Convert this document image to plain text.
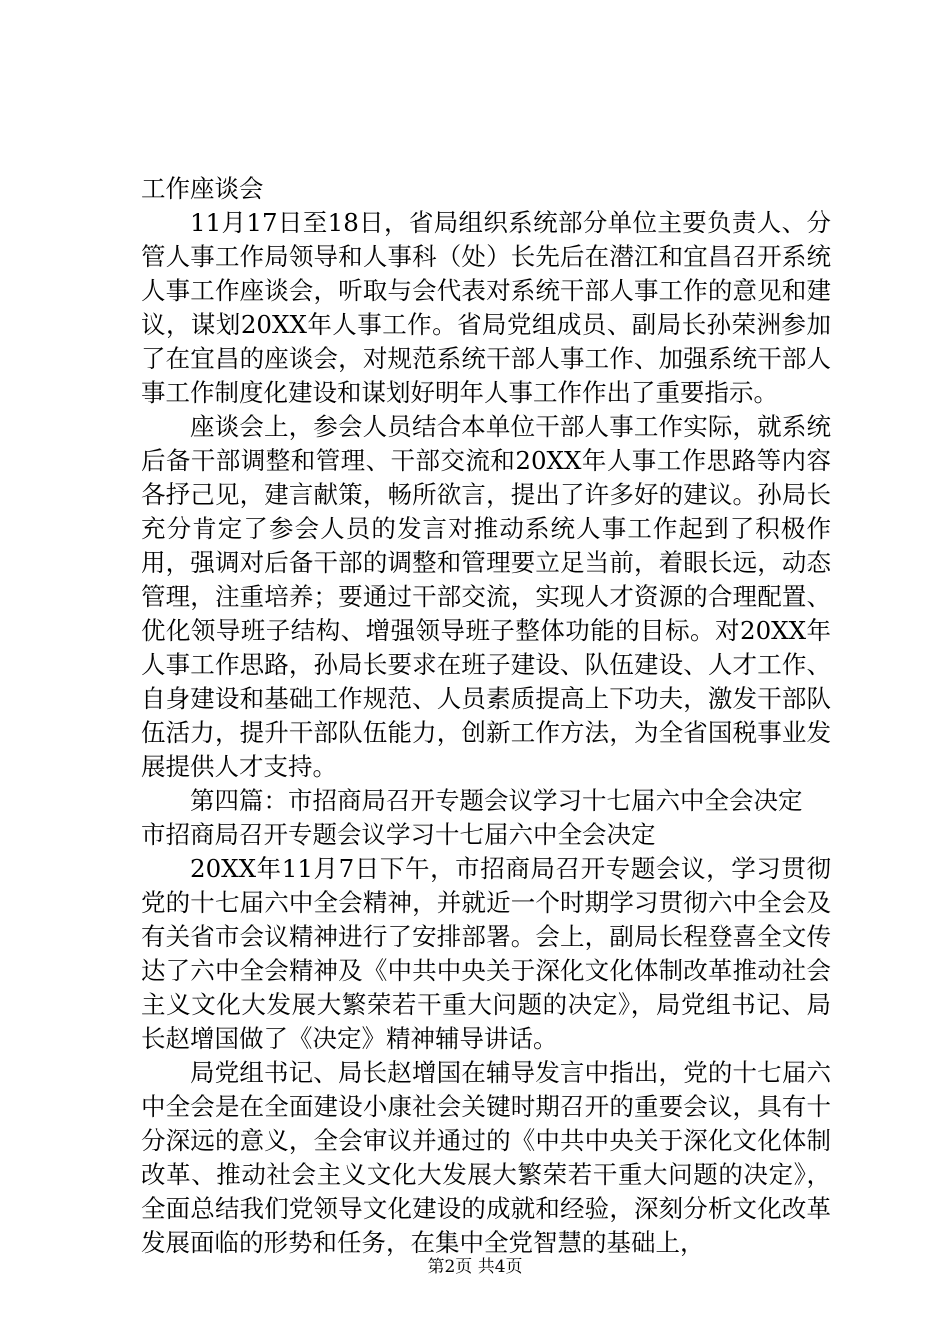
工作座谈会

11月17日至18日，省局组织系统部分单位主要负责人、分管人事工作局领导和人事科（处）长先后在潜江和宜昌召开系统人事工作座谈会，听取与会代表对系统干部人事工作的意见和建议，谋划20XX年人事工作。省局党组成员、副局长孙荣洲参加了在宜昌的座谈会，对规范系统干部人事工作、加强系统干部人事工作制度化建设和谋划好明年人事工作作出了重要指示。

座谈会上，参会人员结合本单位干部人事工作实际，就系统后备干部调整和管理、干部交流和20XX年人事工作思路等内容各抒己见，建言献策，畅所欲言，提出了许多好的建议。孙局长充分肯定了参会人员的发言对推动系统人事工作起到了积极作用，强调对后备干部的调整和管理要立足当前，着眼长远，动态管理，注重培养；要通过干部交流，实现人才资源的合理配置、优化领导班子结构、增强领导班子整体功能的目标。对20XX年人事工作思路，孙局长要求在班子建设、队伍建设、人才工作、自身建设和基础工作规范、人员素质提高上下功夫，激发干部队伍活力，提升干部队伍能力，创新工作方法，为全省国税事业发展提供人才支持。

第四篇：市招商局召开专题会议学习十七届六中全会决定

市招商局召开专题会议学习十七届六中全会决定

20XX年11月7日下午，市招商局召开专题会议，学习贯彻党的十七届六中全会精神，并就近一个时期学习贯彻六中全会及有关省市会议精神进行了安排部署。会上，副局长程登喜全文传达了六中全会精神及《中共中央关于深化文化体制改革推动社会主义文化大发展大繁荣若干重大问题的决定》，局党组书记、局长赵增国做了《决定》精神辅导讲话。

局党组书记、局长赵增国在辅导发言中指出，党的十七届六中全会是在全面建设小康社会关键时期召开的重要会议，具有十分深远的意义，全会审议并通过的《中共中央关于深化文化体制改革、推动社会主义文化大发展大繁荣若干重大问题的决定》，全面总结我们党领导文化建设的成就和经验，深刻分析文化改革发展面临的形势和任务，在集中全党智慧的基础上，

第2页 共4页
